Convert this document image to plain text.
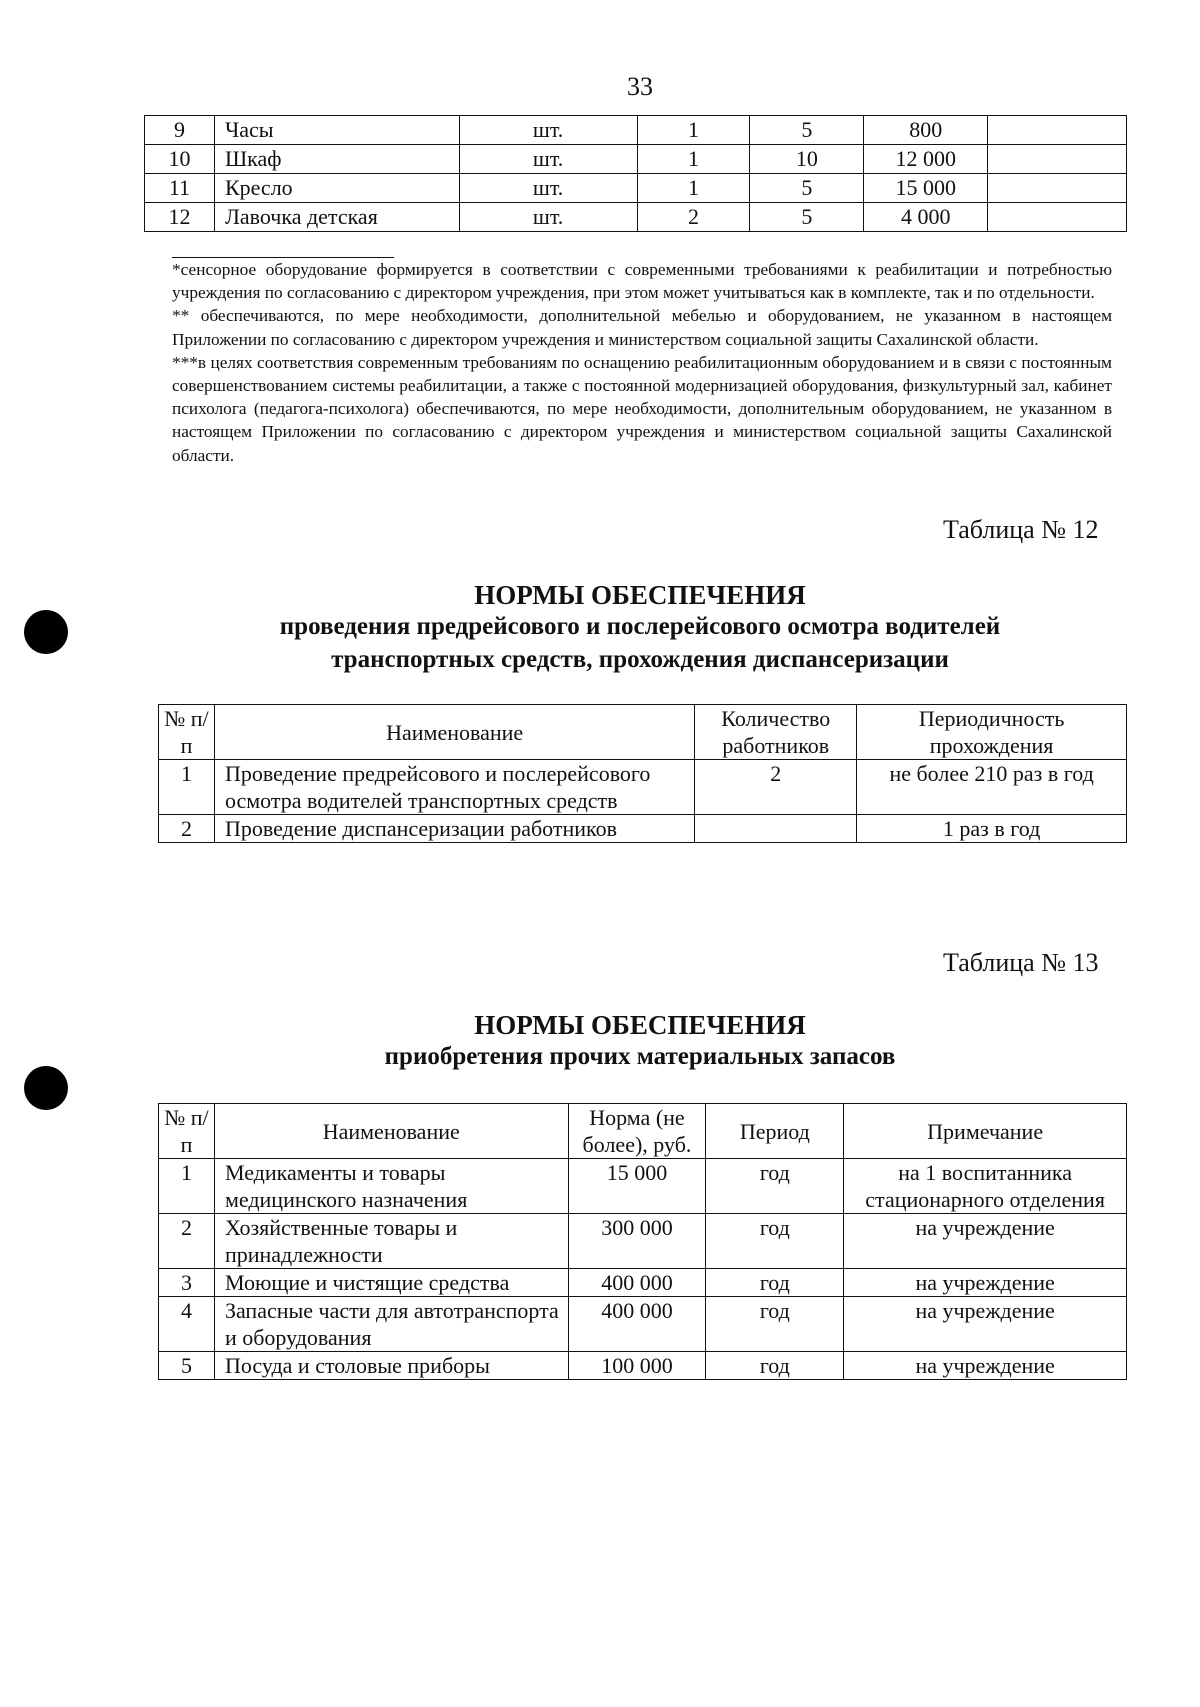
33
9	Часы	шт.	1	5	800	
10	Шкаф	шт.	1	10	12 000	
11	Кресло	шт.	1	5	15 000	
12	Лавочка детская	шт.	2	5	4 000	

*сенсорное оборудование формируется в соответствии с современными требованиями к реабилитации и потребностью учреждения по согласованию с директором учреждения, при этом может учитываться как в комплекте, так и по отдельности.

** обеспечиваются, по мере необходимости, дополнительной мебелью и оборудованием, не указанном в настоящем Приложении по согласованию с директором учреждения и министерством социальной защиты Сахалинской области.

***в целях соответствия современным требованиям по оснащению реабилитационным оборудованием и в связи с постоянным совершенствованием системы реабилитации, а также с постоянной модернизацией оборудования, физкультурный зал, кабинет психолога (педагога-психолога) обеспечиваются, по мере необходимости, дополнительным оборудованием, не указанном в настоящем Приложении по согласованию с директором учреждения и министерством социальной защиты Сахалинской области.

Таблица № 12
НОРМЫ ОБЕСПЕЧЕНИЯ
проведения предрейсового и послерейсового осмотра водителей
транспортных средств, прохождения диспансеризации
№ п/п	Наименование	Количество работников	Периодичность прохождения
1	Проведение предрейсового и послерейсового осмотра водителей транспортных средств	2	не более 210 раз в год
2	Проведение диспансеризации работников		1 раз в год
Таблица № 13
НОРМЫ ОБЕСПЕЧЕНИЯ
приобретения прочих материальных запасов
№ п/п	Наименование	Норма (не более), руб.	Период	Примечание
1	Медикаменты и товары медицинского назначения	15 000	год	на 1 воспитанника стационарного отделения
2	Хозяйственные товары и принадлежности	300 000	год	на учреждение
3	Моющие и чистящие средства	400 000	год	на учреждение
4	Запасные части для автотранспорта и оборудования	400 000	год	на учреждение
5	Посуда и столовые приборы	100 000	год	на учреждение
